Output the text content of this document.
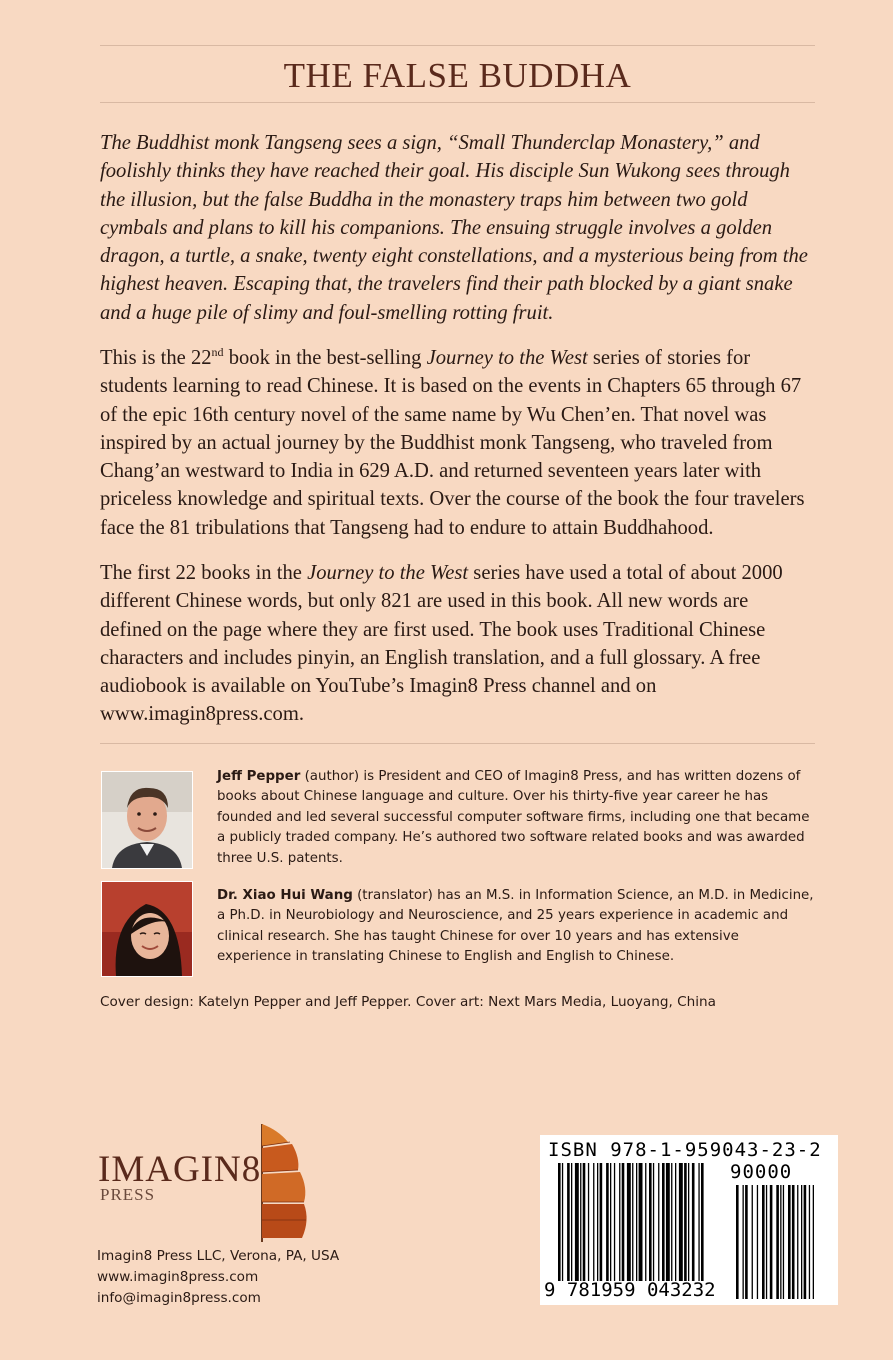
THE FALSE BUDDHA

The Buddhist monk Tangseng sees a sign, “Small Thunderclap Monastery,” and foolishly thinks they have reached their goal. His disciple Sun Wukong sees through the illusion, but the false Buddha in the monastery traps him between two gold cymbals and plans to kill his companions. The ensuing struggle involves a golden dragon, a turtle, a snake, twenty eight constellations, and a mysterious being from the highest heaven. Escaping that, the travelers find their path blocked by a giant snake and a huge pile of slimy and foul-smelling rotting fruit.

This is the 22nd book in the best-selling Journey to the West series of stories for students learning to read Chinese. It is based on the events in Chapters 65 through 67 of the epic 16th century novel of the same name by Wu Chen’en. That novel was inspired by an actual journey by the Buddhist monk Tangseng, who traveled from Chang’an westward to India in 629 A.D. and returned seventeen years later with priceless knowledge and spiritual texts. Over the course of the book the four travelers face the 81 tribulations that Tangseng had to endure to attain Buddhahood.

The first 22 books in the Journey to the West series have used a total of about 2000 different Chinese words, but only 821 are used in this book. All new words are defined on the page where they are first used. The book uses Traditional Chinese characters and includes pinyin, an English translation, and a full glossary. A free audiobook is available on YouTube’s Imagin8 Press channel and on www.imagin8press.com.

Jeff Pepper (author) is President and CEO of Imagin8 Press, and has written dozens of books about Chinese language and culture. Over his thirty-five year career he has founded and led several successful computer software firms, including one that became a publicly traded company. He’s authored two software related books and was awarded three U.S. patents.

Dr. Xiao Hui Wang (translator) has an M.S. in Information Science, an M.D. in Medicine, a Ph.D. in Neurobiology and Neuroscience, and 25 years experience in academic and clinical research. She has taught Chinese for over 10 years and has extensive experience in translating Chinese to English and English to Chinese.

Cover design: Katelyn Pepper and Jeff Pepper. Cover art: Next Mars Media, Luoyang, China

IMAGIN8
PRESS

Imagin8 Press LLC, Verona, PA, USA

www.imagin8press.com
info@imagin8press.com
ISBN 978-1-959043-23-2
90000
9 781959 043232
